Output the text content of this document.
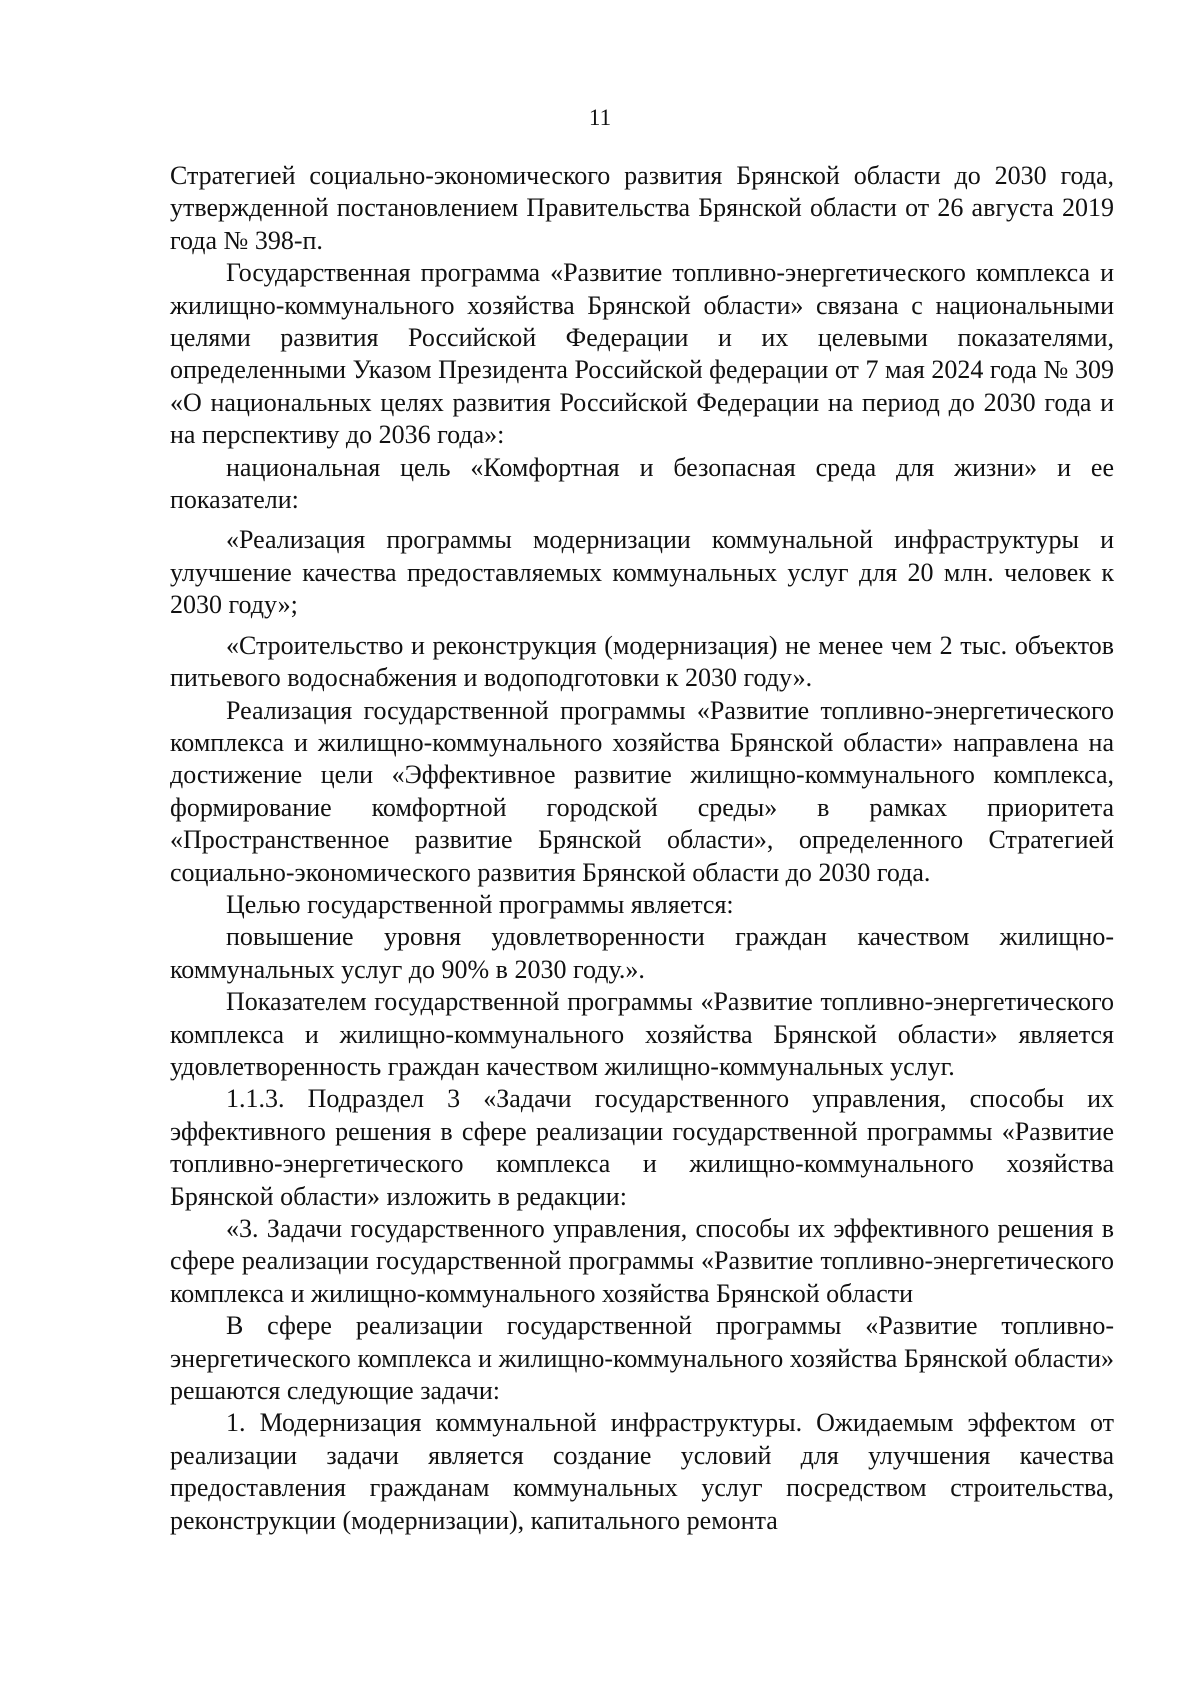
11

Стратегией социально-экономического развития Брянской области до 2030 года, утвержденной постановлением Правительства Брянской области от 26 августа 2019 года № 398-п.

Государственная программа «Развитие топливно-энергетического комплекса и жилищно-коммунального хозяйства Брянской области» связана с национальными целями развития Российской Федерации и их целевыми показателями, определенными Указом Президента Российской федерации от 7 мая 2024 года № 309 «О национальных целях развития Российской Федерации на период до 2030 года и на перспективу до 2036 года»:

национальная цель «Комфортная и безопасная среда для жизни» и ее показатели:

«Реализация программы модернизации коммунальной инфраструктуры и улучшение качества предоставляемых коммунальных услуг для 20 млн. человек к 2030 году»;

«Строительство и реконструкция (модернизация) не менее чем 2 тыс. объектов питьевого водоснабжения и водоподготовки к 2030 году».

Реализация государственной программы «Развитие топливно-энергетического комплекса и жилищно-коммунального хозяйства Брянской области» направлена на достижение цели «Эффективное развитие жилищно-коммунального комплекса, формирование комфортной городской среды» в рамках приоритета «Пространственное развитие Брянской области», определенного Стратегией социально-экономического развития Брянской области до 2030 года.

Целью государственной программы является:

повышение уровня удовлетворенности граждан качеством жилищно-коммунальных услуг до 90% в 2030 году.».

Показателем государственной программы «Развитие топливно-энергетического комплекса и жилищно-коммунального хозяйства Брянской области» является удовлетворенность граждан качеством жилищно-коммунальных услуг.

1.1.3. Подраздел 3 «Задачи государственного управления, способы их эффективного решения в сфере реализации государственной программы «Развитие топливно-энергетического комплекса и жилищно-коммунального хозяйства Брянской области» изложить в редакции:

«3. Задачи государственного управления, способы их эффективного решения в сфере реализации государственной программы «Развитие топливно-энергетического комплекса и жилищно-коммунального хозяйства Брянской области

В сфере реализации государственной программы «Развитие топливно-энергетического комплекса и жилищно-коммунального хозяйства Брянской области» решаются следующие задачи:

1. Модернизация коммунальной инфраструктуры. Ожидаемым эффектом от реализации задачи является создание условий для улучшения качества предоставления гражданам коммунальных услуг посредством строительства, реконструкции (модернизации), капитального ремонта
